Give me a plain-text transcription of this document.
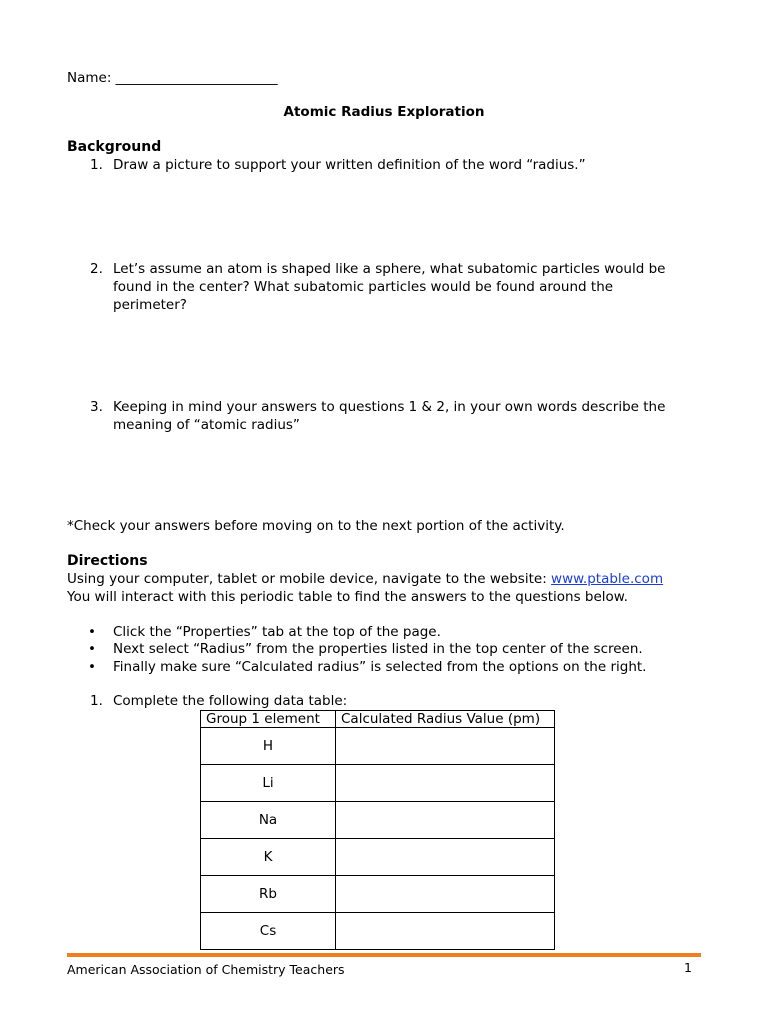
Name: ________________________
Atomic Radius Exploration
Background
1. Draw a picture to support your written definition of the word “radius.”
2. Let’s assume an atom is shaped like a sphere, what subatomic particles would be found in the center? What subatomic particles would be found around the perimeter?
3. Keeping in mind your answers to questions 1 & 2, in your own words describe the meaning of “atomic radius”
*Check your answers before moving on to the next portion of the activity.
Directions
Using your computer, tablet or mobile device, navigate to the website: www.ptable.com
You will interact with this periodic table to find the answers to the questions below.
• Click the “Properties” tab at the top of the page.
• Next select “Radius” from the properties listed in the top center of the screen.
• Finally make sure “Calculated radius” is selected from the options on the right.
1. Complete the following data table:
Group 1 element	Calculated Radius Value (pm)
H	
Li	
Na	
K	
Rb	
Cs	
American Association of Chemistry Teachers	1
